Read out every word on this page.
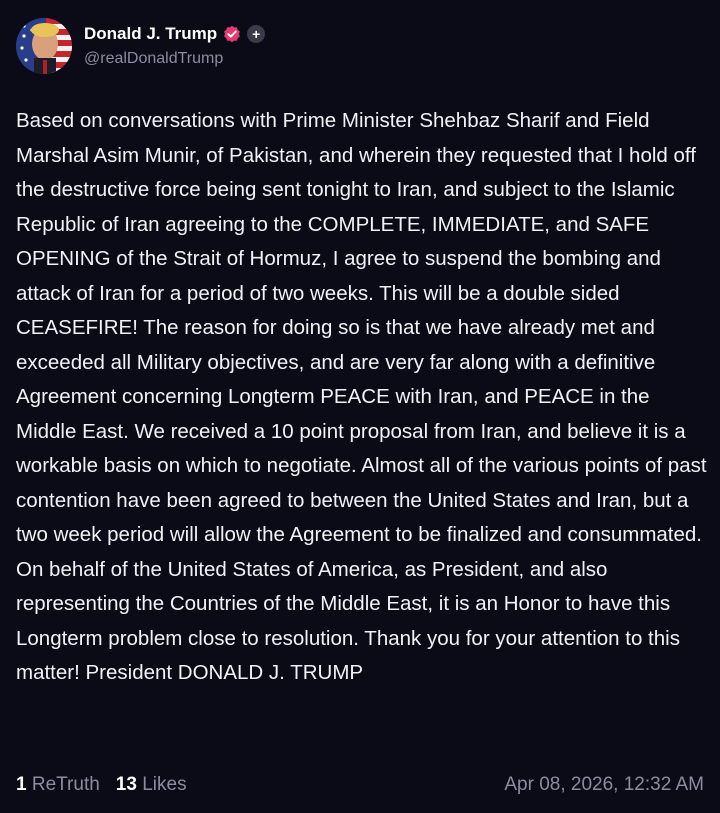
Donald J. Trump	+
@realDonaldTrump

Based on conversations with Prime Minister Shehbaz Sharif and Field Marshal Asim Munir, of Pakistan, and wherein they requested that I hold off the destructive force being sent tonight to Iran, and subject to the Islamic Republic of Iran agreeing to the COMPLETE, IMMEDIATE, and SAFE OPENING of the Strait of Hormuz, I agree to suspend the bombing and attack of Iran for a period of two weeks. This will be a double sided CEASEFIRE! The reason for doing so is that we have already met and exceeded all Military objectives, and are very far along with a definitive Agreement concerning Longterm PEACE with Iran, and PEACE in the Middle East. We received a 10 point proposal from Iran, and believe it is a workable basis on which to negotiate. Almost all of the various points of past contention have been agreed to between the United States and Iran, but a two week period will allow the Agreement to be finalized and consummated. On behalf of the United States of America, as President, and also representing the Countries of the Middle East, it is an Honor to have this Longterm problem close to resolution. Thank you for your attention to this matter! President DONALD J. TRUMP

1 ReTruth 13 Likes	Apr 08, 2026, 12:32 AM
